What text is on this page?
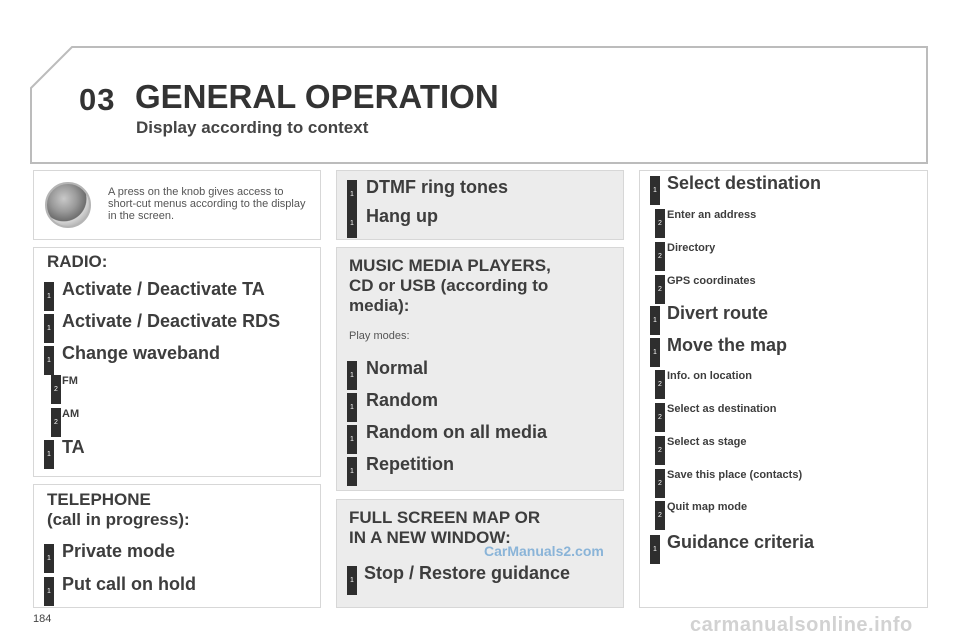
03 GENERAL OPERATION
Display according to context
A press on the knob gives access to short-cut menus according to the display in the screen.
RADIO:
1 Activate / Deactivate TA
1 Activate / Deactivate RDS
1 Change waveband
2
FM
2
AM
1 TA
TELEPHONE
(call in progress):
1 Private mode
1 Put call on hold
1 DTMF ring tones
1 Hang up
MUSIC MEDIA PLAYERS,
CD or USB (according to
media):
Play modes:
1 Normal
1 Random
1 Random on all media
1 Repetition
FULL SCREEN MAP OR
IN A NEW WINDOW:
1 Stop / Restore guidance
1 Select destination
2
Enter an address
2
Directory
2
GPS coordinates
1 Divert route
1 Move the map
2
Info. on location
2
Select as destination
2
Select as stage
2
Save this place (contacts)
2
Quit map mode
1 Guidance criteria
CarManuals2.com
184	carmanualsonline.info
